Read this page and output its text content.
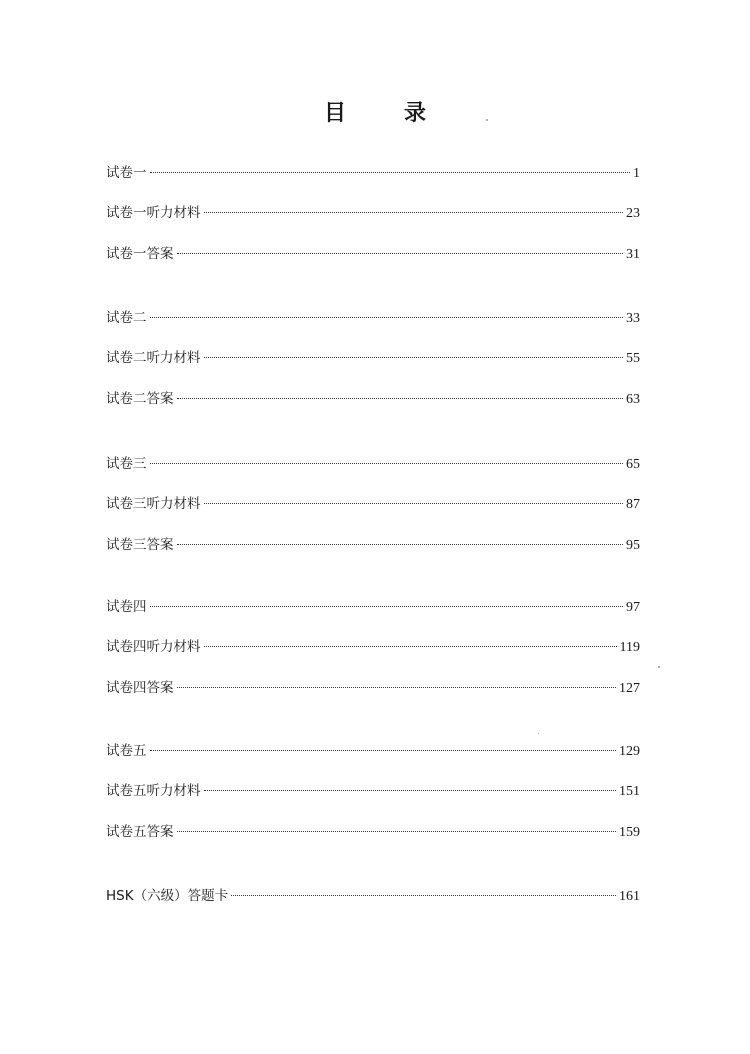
目　录
试卷一	1
试卷一听力材料	23
试卷一答案	31
试卷二	33
试卷二听力材料	55
试卷二答案	63
试卷三	65
试卷三听力材料	87
试卷三答案	95
试卷四	97
试卷四听力材料	119
试卷四答案	127
试卷五	129
试卷五听力材料	151
试卷五答案	159
HSK（六级）答题卡	161
